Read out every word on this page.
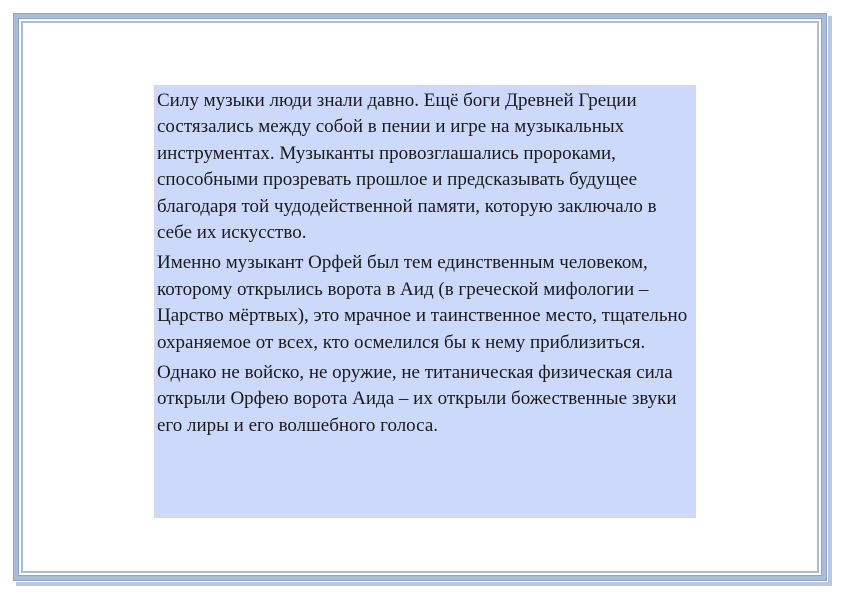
Силу музыки люди знали давно. Ещё боги Древней Греции состязались между собой в пении и игре на музыкальных инструментах. Музыканты провозглашались пророками, способными прозревать прошлое и предсказывать будущее благодаря той чудодейственной памяти, которую заключало в себе их искусство.

Именно музыкант Орфей был тем единственным человеком, которому открылись ворота в Аид (в греческой мифологии – Царство мёртвых), это мрачное и таинственное место, тщательно охраняемое от всех, кто осмелился бы к нему приблизиться.

Однако не войско, не оружие, не титаническая физическая сила открыли Орфею ворота Аида – их открыли божественные звуки его лиры и его волшебного голоса.
